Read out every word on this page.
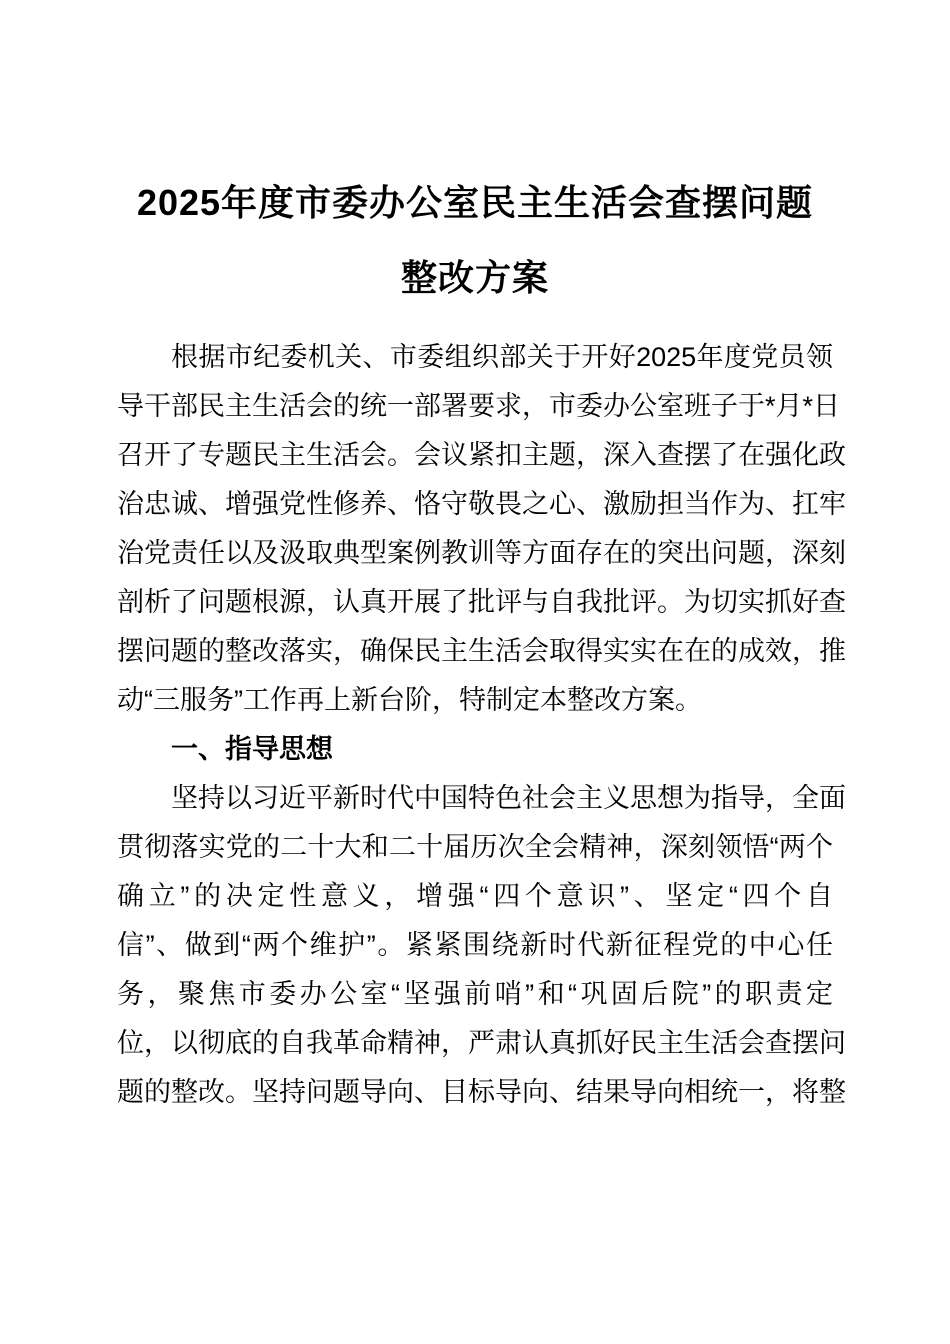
2025年度市委办公室民主生活会查摆问题
整改方案
根据市纪委机关、市委组织部关于开好2025年度党员领
导干部民主生活会的统一部署要求，市委办公室班子于*月*日
召开了专题民主生活会。会议紧扣主题，深入查摆了在强化政
治忠诚、增强党性修养、恪守敬畏之心、激励担当作为、扛牢
治党责任以及汲取典型案例教训等方面存在的突出问题，深刻
剖析了问题根源，认真开展了批评与自我批评。为切实抓好查
摆问题的整改落实，确保民主生活会取得实实在在的成效，推
动“三服务”工作再上新台阶，特制定本整改方案。
一、指导思想
坚持以习近平新时代中国特色社会主义思想为指导，全面
贯彻落实党的二十大和二十届历次全会精神，深刻领悟“两个
确立”的决定性意义，增强“四个意识”、坚定“四个自
信”、做到“两个维护”。紧紧围绕新时代新征程党的中心任
务，聚焦市委办公室“坚强前哨”和“巩固后院”的职责定
位，以彻底的自我革命精神，严肃认真抓好民主生活会查摆问
题的整改。坚持问题导向、目标导向、结果导向相统一，将整
